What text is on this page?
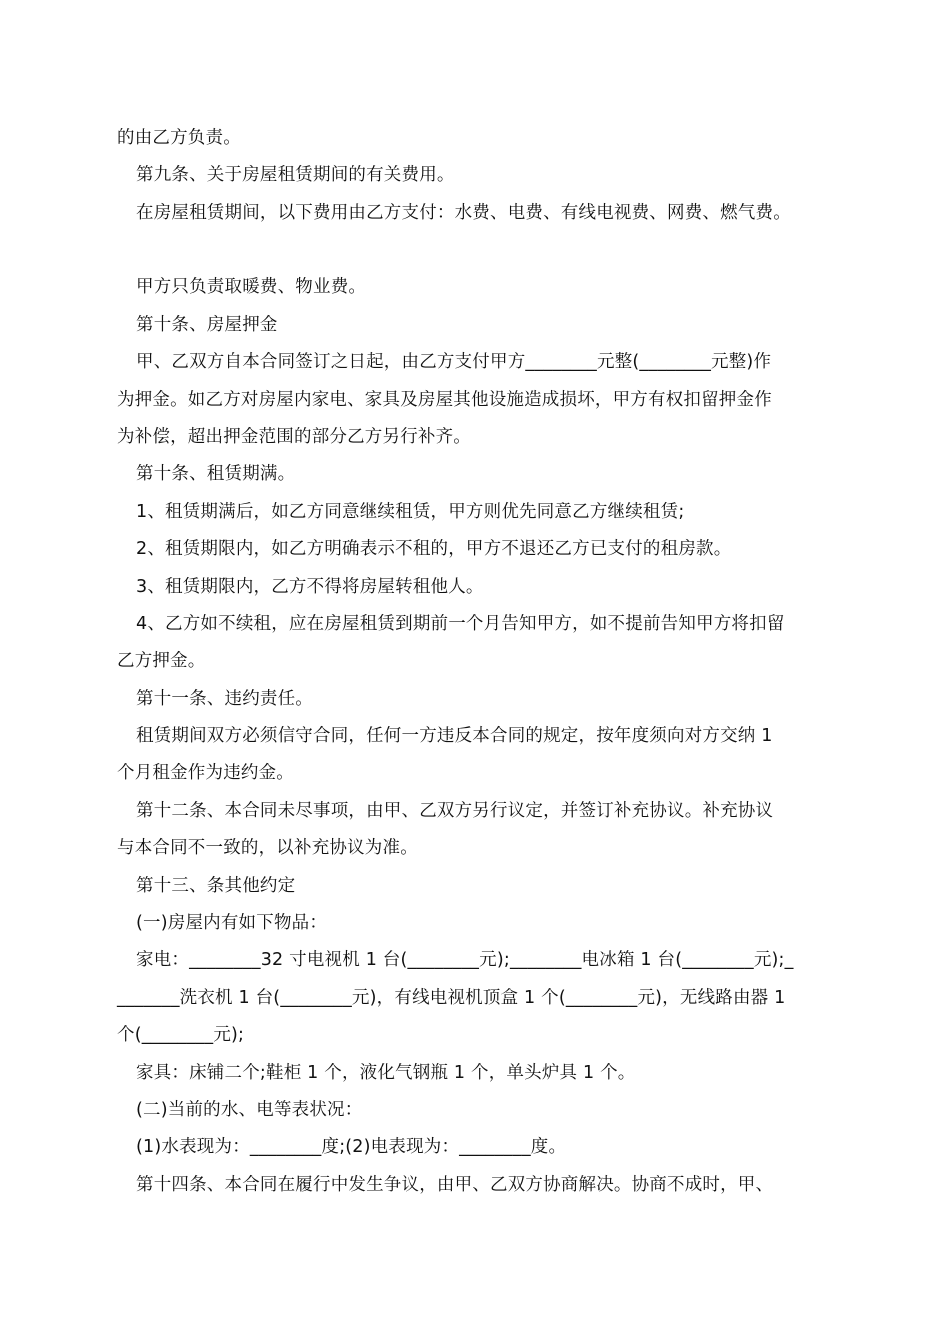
的由乙方负责。
第九条、关于房屋租赁期间的有关费用。
在房屋租赁期间，以下费用由乙方支付：水费、电费、有线电视费、网费、燃气费。
甲方只负责取暖费、物业费。
第十条、房屋押金
甲、乙双方自本合同签订之日起，由乙方支付甲方________元整(________元整)作
为押金。如乙方对房屋内家电、家具及房屋其他设施造成损坏，甲方有权扣留押金作
为补偿，超出押金范围的部分乙方另行补齐。
第十条、租赁期满。
1、租赁期满后，如乙方同意继续租赁，甲方则优先同意乙方继续租赁;
2、租赁期限内，如乙方明确表示不租的，甲方不退还乙方已支付的租房款。
3、租赁期限内，乙方不得将房屋转租他人。
4、乙方如不续租，应在房屋租赁到期前一个月告知甲方，如不提前告知甲方将扣留
乙方押金。
第十一条、违约责任。
租赁期间双方必须信守合同，任何一方违反本合同的规定，按年度须向对方交纳 1
个月租金作为违约金。
第十二条、本合同未尽事项，由甲、乙双方另行议定，并签订补充协议。补充协议
与本合同不一致的，以补充协议为准。
第十三、条其他约定
(一)房屋内有如下物品：
家电：________32 寸电视机 1 台(________元);________电冰箱 1 台(________元);_
_______洗衣机 1 台(________元)，有线电视机顶盒 1 个(________元)，无线路由器 1
个(________元);
家具：床铺二个;鞋柜 1 个，液化气钢瓶 1 个，单头炉具 1 个。
(二)当前的水、电等表状况：
(1)水表现为：________度;(2)电表现为：________度。
第十四条、本合同在履行中发生争议，由甲、乙双方协商解决。协商不成时，甲、
